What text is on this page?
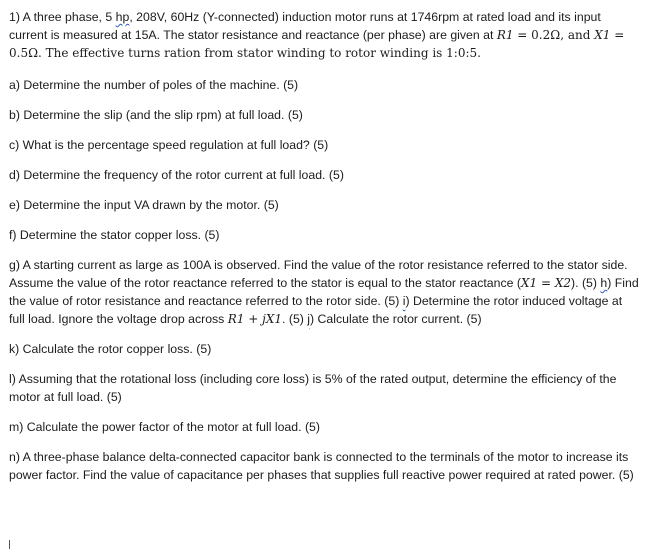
1) A three phase, 5 hp, 208V, 60Hz (Y-connected) induction motor runs at 1746rpm at rated load and its input current is measured at 15A. The stator resistance and reactance (per phase) are given at R1 = 0.2Ω, and X1 = 0.5Ω. The effective turns ration from stator winding to rotor winding is 1:0:5.

a) Determine the number of poles of the machine. (5)

b) Determine the slip (and the slip rpm) at full load. (5)

c) What is the percentage speed regulation at full load? (5)

d) Determine the frequency of the rotor current at full load. (5)

e) Determine the input VA drawn by the motor. (5)

f) Determine the stator copper loss. (5)

g) A starting current as large as 100A is observed. Find the value of the rotor resistance referred to the stator side. Assume the value of the rotor reactance referred to the stator is equal to the stator reactance (X1 = X2). (5) h) Find the value of rotor resistance and reactance referred to the rotor side. (5) i) Determine the rotor induced voltage at full load. Ignore the voltage drop across R1 + jX1. (5) j) Calculate the rotor current. (5)

k) Calculate the rotor copper loss. (5)

l) Assuming that the rotational loss (including core loss) is 5% of the rated output, determine the efficiency of the motor at full load. (5)

m) Calculate the power factor of the motor at full load. (5)

n) A three-phase balance delta-connected capacitor bank is connected to the terminals of the motor to increase its power factor. Find the value of capacitance per phases that supplies full reactive power required at rated power. (5)
